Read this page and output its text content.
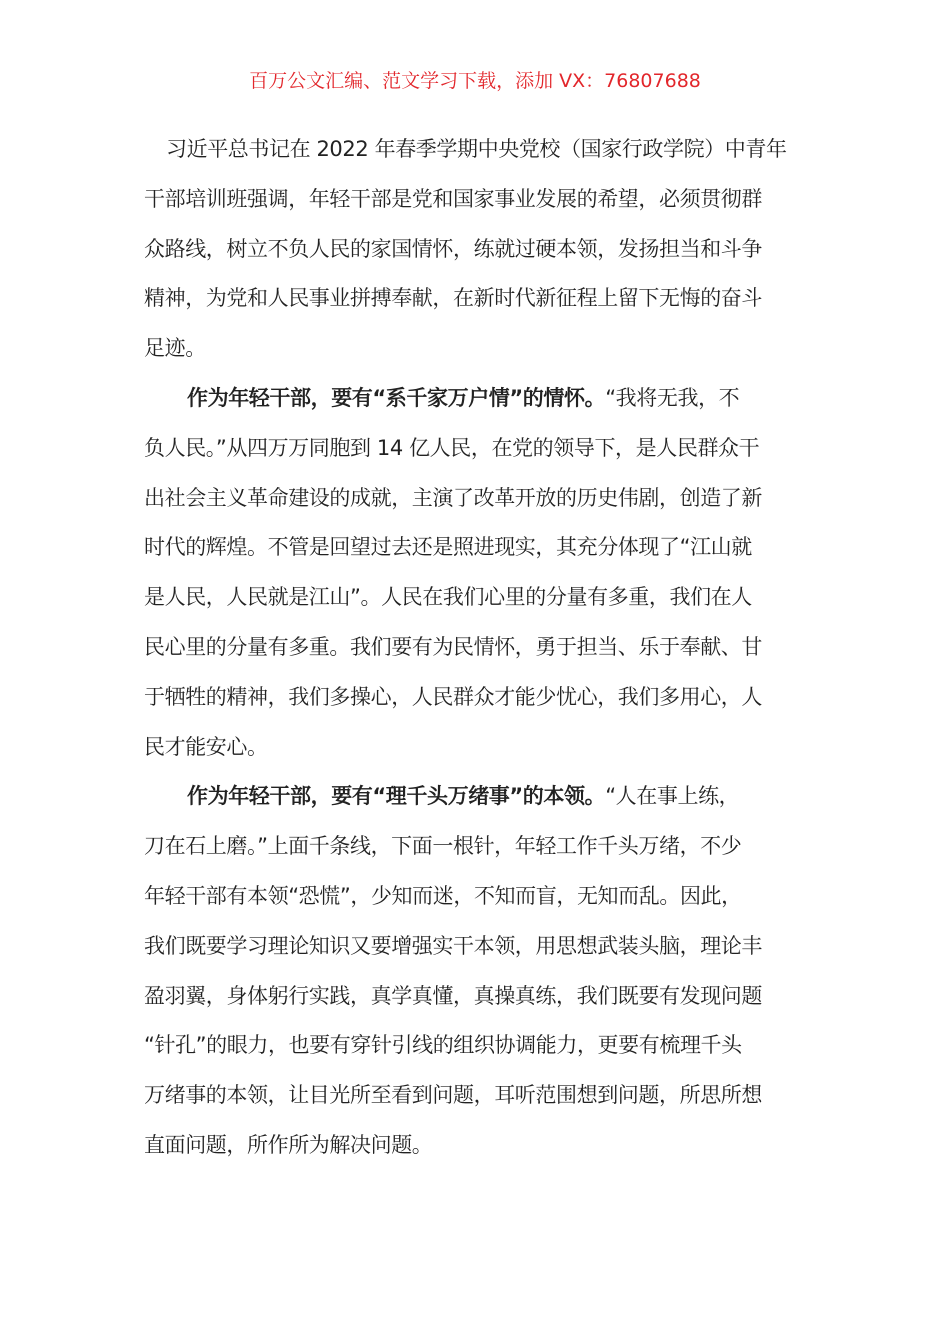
百万公文汇编、范文学习下载，添加 VX：76807688
习近平总书记在 2022 年春季学期中央党校（国家行政学院）中青年
干部培训班强调，年轻干部是党和国家事业发展的希望，必须贯彻群
众路线，树立不负人民的家国情怀，练就过硬本领，发扬担当和斗争
精神，为党和人民事业拼搏奉献，在新时代新征程上留下无悔的奋斗
足迹。
作为年轻干部，要有“系千家万户情”的情怀。“我将无我，不
负人民。”从四万万同胞到 14 亿人民，在党的领导下，是人民群众干
出社会主义革命建设的成就，主演了改革开放的历史伟剧，创造了新
时代的辉煌。不管是回望过去还是照进现实，其充分体现了“江山就
是人民，人民就是江山”。人民在我们心里的分量有多重，我们在人
民心里的分量有多重。我们要有为民情怀，勇于担当、乐于奉献、甘
于牺牲的精神，我们多操心，人民群众才能少忧心，我们多用心，人
民才能安心。
作为年轻干部，要有“理千头万绪事”的本领。“人在事上练，
刀在石上磨。”上面千条线，下面一根针，年轻工作千头万绪，不少
年轻干部有本领“恐慌”，少知而迷，不知而盲，无知而乱。因此，
我们既要学习理论知识又要增强实干本领，用思想武装头脑，理论丰
盈羽翼，身体躬行实践，真学真懂，真操真练，我们既要有发现问题
“针孔”的眼力，也要有穿针引线的组织协调能力，更要有梳理千头
万绪事的本领，让目光所至看到问题，耳听范围想到问题，所思所想
直面问题，所作所为解决问题。
